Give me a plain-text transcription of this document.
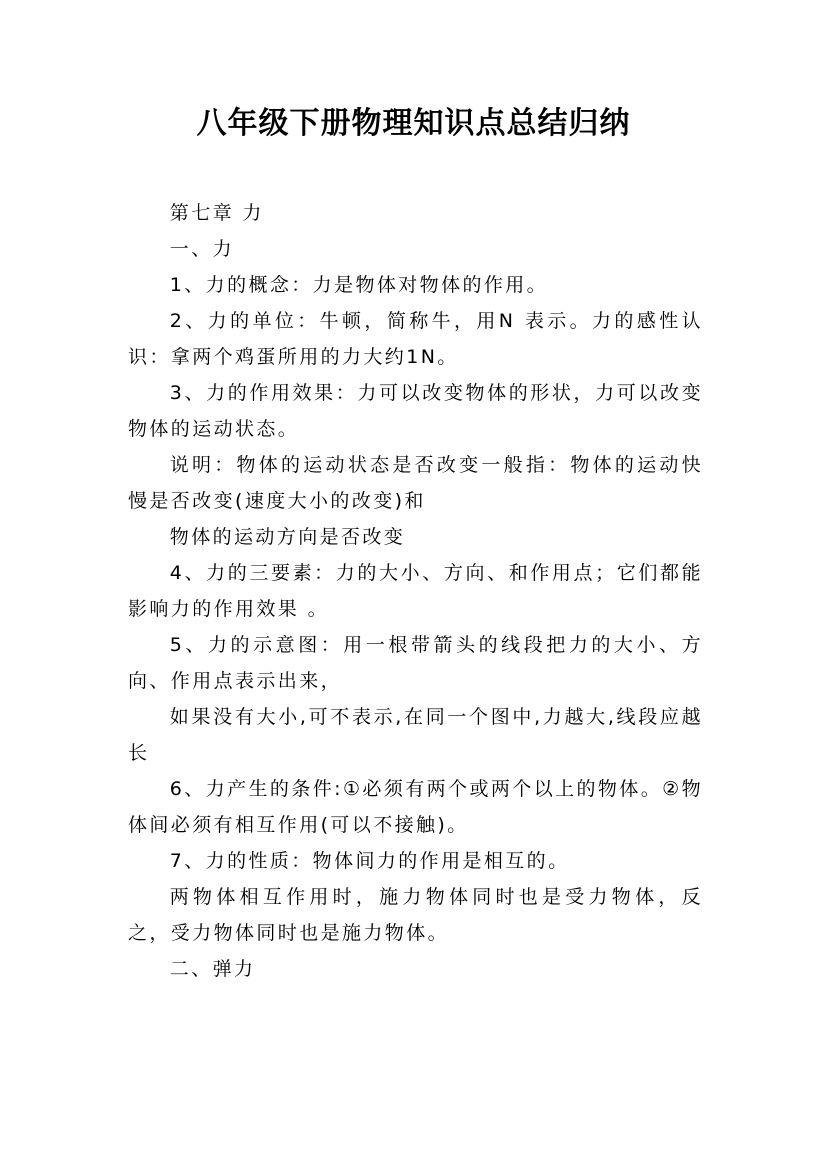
八年级下册物理知识点总结归纳

第七章 力

一、力

1、力的概念：力是物体对物体的作用。

2、力的单位：牛顿，简称牛，用N 表示。力的感性认识：拿两个鸡蛋所用的力大约1N。

3、力的作用效果：力可以改变物体的形状，力可以改变物体的运动状态。

说明：物体的运动状态是否改变一般指：物体的运动快慢是否改变(速度大小的改变)和

物体的运动方向是否改变

4、力的三要素：力的大小、方向、和作用点；它们都能影响力的作用效果 。

5、力的示意图：用一根带箭头的线段把力的大小、方向、作用点表示出来，

如果没有大小,可不表示,在同一个图中,力越大,线段应越长

6、力产生的条件:①必须有两个或两个以上的物体。②物体间必须有相互作用(可以不接触)。

7、力的性质：物体间力的作用是相互的。

两物体相互作用时，施力物体同时也是受力物体，反之，受力物体同时也是施力物体。

二、弹力
